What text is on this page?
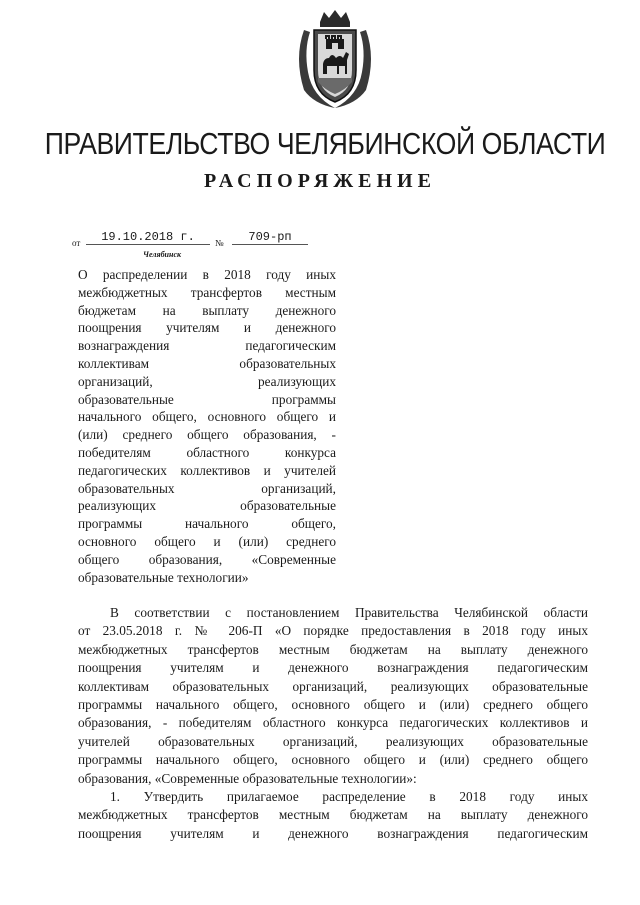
ПРАВИТЕЛЬСТВО ЧЕЛЯБИНСКОЙ ОБЛАСТИ
РАСПОРЯЖЕНИЕ
от	19.10.2018 г.	№	709-рп
Челябинск
О распределении в 2018 году иных
межбюджетных трансфертов местным
бюджетам на выплату денежного
поощрения учителям и денежного
вознаграждения педагогическим
коллективам образовательных
организаций, реализующих
образовательные программы
начального общего, основного общего и
(или) среднего общего образования, -
победителям областного конкурса
педагогических коллективов и учителей
образовательных организаций,
реализующих образовательные
программы начального общего,
основного общего и (или) среднего
общего образования, «Современные
образовательные технологии»
В соответствии с постановлением Правительства Челябинской области
от 23.05.2018 г. № 206-П «О порядке предоставления в 2018 году иных
межбюджетных трансфертов местным бюджетам на выплату денежного
поощрения учителям и денежного вознаграждения педагогическим
коллективам образовательных организаций, реализующих образовательные
программы начального общего, основного общего и (или) среднего общего
образования, - победителям областного конкурса педагогических коллективов и
учителей образовательных организаций, реализующих образовательные
программы начального общего, основного общего и (или) среднего общего
образования, «Современные образовательные технологии»:
1. Утвердить прилагаемое распределение в 2018 году иных
межбюджетных трансфертов местным бюджетам на выплату денежного
поощрения учителям и денежного вознаграждения педагогическим
